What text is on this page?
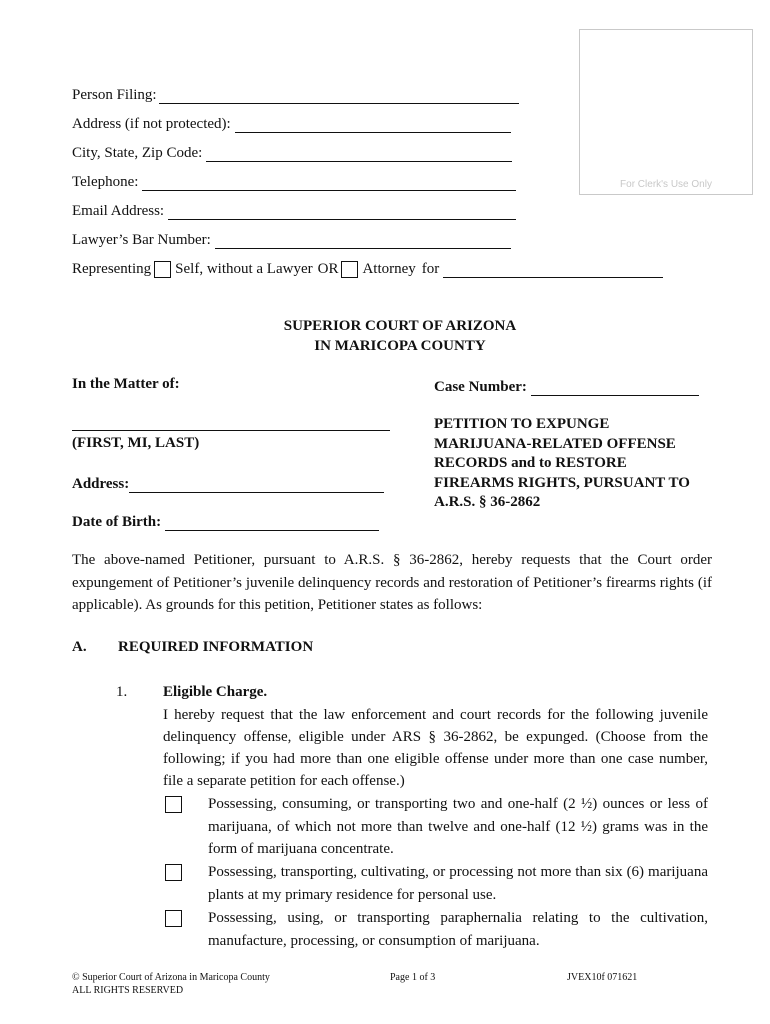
For Clerk's Use Only
Person Filing:
Address (if not protected):
City, State, Zip Code:
Telephone:
Email Address:
Lawyer’s Bar Number:
Representing Self, without a Lawyer OR Attorney for
SUPERIOR COURT OF ARIZONA
IN MARICOPA COUNTY
In the Matter of:
(FIRST, MI, LAST)
Address:
Date of Birth:
Case Number:
PETITION TO EXPUNGE
MARIJUANA-RELATED OFFENSE
RECORDS and to RESTORE
FIREARMS RIGHTS, PURSUANT TO
A.R.S. § 36-2862
The above-named Petitioner, pursuant to A.R.S. § 36-2862, hereby requests that the Court order expungement of Petitioner’s juvenile delinquency records and restoration of Petitioner’s firearms rights (if applicable). As grounds for this petition, Petitioner states as follows:
A. REQUIRED INFORMATION
1. Eligible Charge.
I hereby request that the law enforcement and court records for the following juvenile delinquency offense, eligible under ARS § 36-2862, be expunged. (Choose from the following; if you had more than one eligible offense under more than one case number, file a separate petition for each offense.)
Possessing, consuming, or transporting two and one-half (2 ½) ounces or less of marijuana, of which not more than twelve and one-half (12 ½) grams was in the form of marijuana concentrate.
Possessing, transporting, cultivating, or processing not more than six (6) marijuana plants at my primary residence for personal use.
Possessing, using, or transporting paraphernalia relating to the cultivation, manufacture, processing, or consumption of marijuana.
© Superior Court of Arizona in Maricopa County
ALL RIGHTS RESERVED
Page 1 of 3	JVEX10f 071621
